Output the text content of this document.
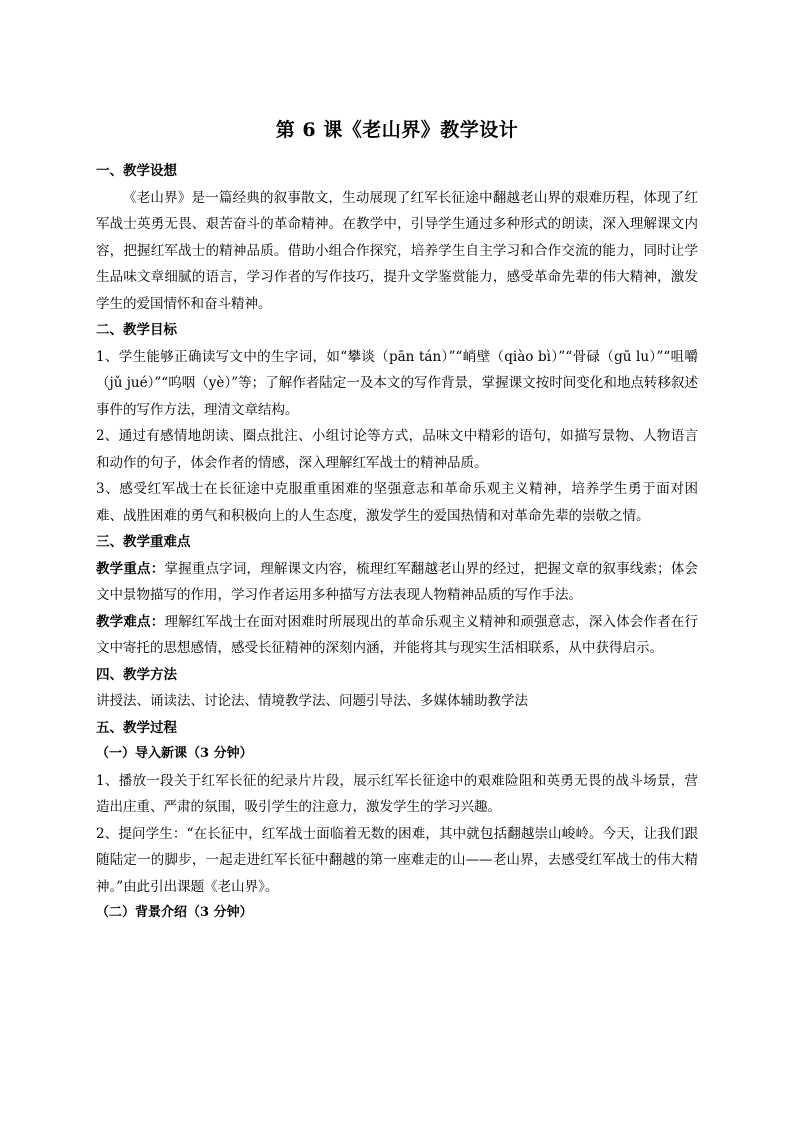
第 6 课《老山界》教学设计

一、教学设想

《老山界》是一篇经典的叙事散文，生动展现了红军长征途中翻越老山界的艰难历程，体现了红军战士英勇无畏、艰苦奋斗的革命精神。在教学中，引导学生通过多种形式的朗读，深入理解课文内容，把握红军战士的精神品质。借助小组合作探究，培养学生自主学习和合作交流的能力，同时让学生品味文章细腻的语言，学习作者的写作技巧，提升文学鉴赏能力，感受革命先辈的伟大精神，激发学生的爱国情怀和奋斗精神。

二、教学目标

1、学生能够正确读写文中的生字词，如“攀谈（pān tán）”“峭壁（qiào bì）”“骨碌（gū lu）”“咀嚼（jǔ jué）”“呜咽（yè）”等；了解作者陆定一及本文的写作背景，掌握课文按时间变化和地点转移叙述事件的写作方法，理清文章结构。

2、通过有感情地朗读、圈点批注、小组讨论等方式，品味文中精彩的语句，如描写景物、人物语言和动作的句子，体会作者的情感，深入理解红军战士的精神品质。

3、感受红军战士在长征途中克服重重困难的坚强意志和革命乐观主义精神，培养学生勇于面对困难、战胜困难的勇气和积极向上的人生态度，激发学生的爱国热情和对革命先辈的崇敬之情。

三、教学重难点

教学重点：掌握重点字词，理解课文内容，梳理红军翻越老山界的经过，把握文章的叙事线索；体会文中景物描写的作用，学习作者运用多种描写方法表现人物精神品质的写作手法。

教学难点：理解红军战士在面对困难时所展现出的革命乐观主义精神和顽强意志，深入体会作者在行文中寄托的思想感情，感受长征精神的深刻内涵，并能将其与现实生活相联系，从中获得启示。

四、教学方法

讲授法、诵读法、讨论法、情境教学法、问题引导法、多媒体辅助教学法

五、教学过程

（一）导入新课（3 分钟）

1、播放一段关于红军长征的纪录片片段，展示红军长征途中的艰难险阻和英勇无畏的战斗场景，营造出庄重、严肃的氛围，吸引学生的注意力，激发学生的学习兴趣。

2、提问学生：“在长征中，红军战士面临着无数的困难，其中就包括翻越崇山峻岭。今天，让我们跟随陆定一的脚步，一起走进红军长征中翻越的第一座难走的山——老山界，去感受红军战士的伟大精神。”由此引出课题《老山界》。

（二）背景介绍（3 分钟）
